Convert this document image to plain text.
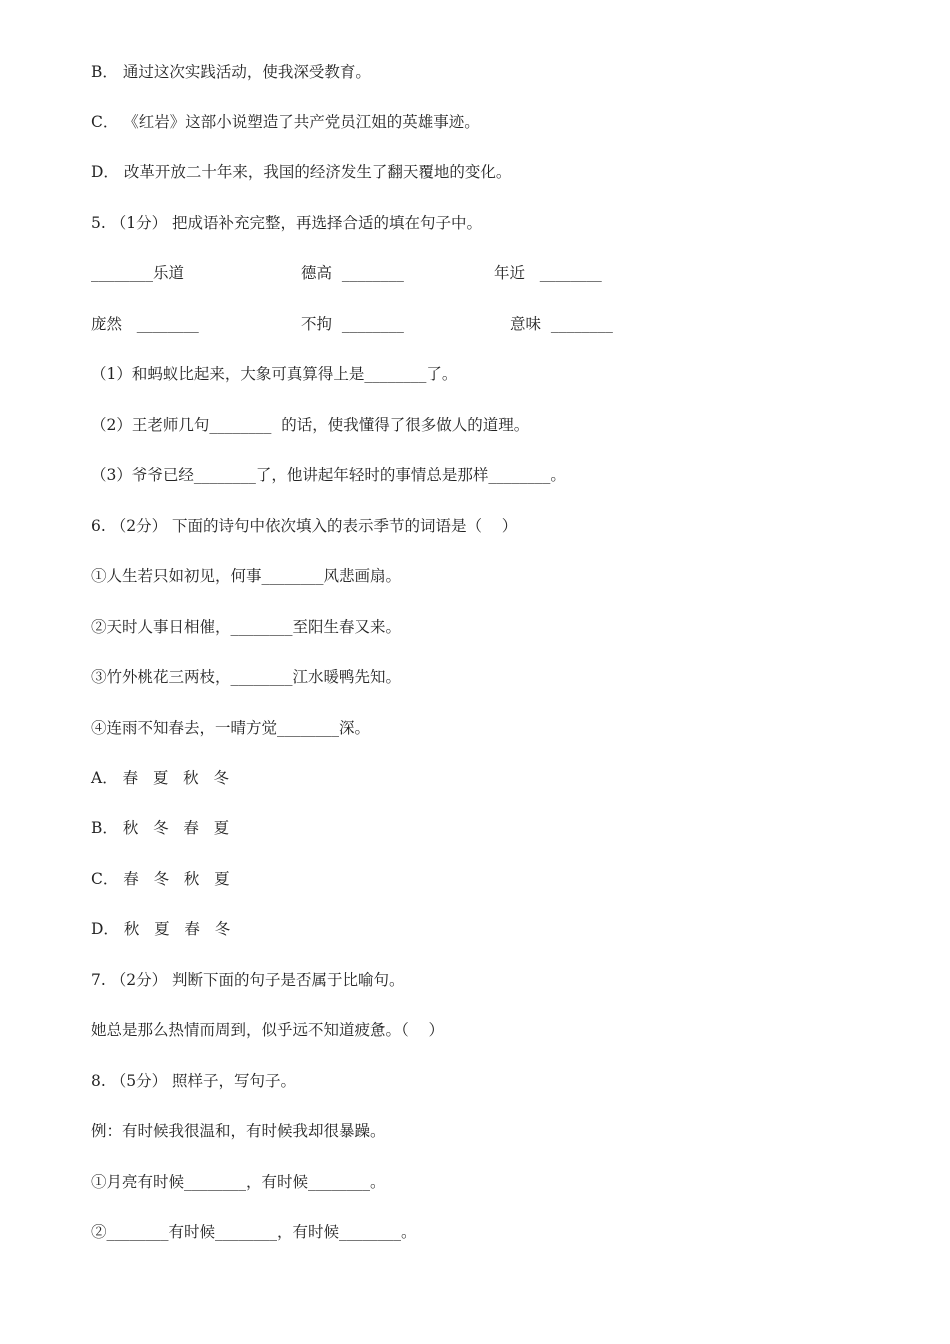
B． 通过这次实践活动，使我深受教育。
C． 《红岩》这部小说塑造了共产党员江姐的英雄事迹。
D． 改革开放二十年来，我国的经济发生了翻天覆地的变化。
5. （1分） 把成语补充完整，再选择合适的填在句子中。
________乐道	德高  ________	年近   ________
庞然   ________	不拘  ________	意味  ________
（1）和蚂蚁比起来，大象可真算得上是________了。
（2）王老师几句________  的话，使我懂得了很多做人的道理。
（3）爷爷已经________了，他讲起年轻时的事情总是那样________。
6. （2分） 下面的诗句中依次填入的表示季节的词语是（    ）
①人生若只如初见，何事________风悲画扇。
②天时人事日相催，________至阳生春又来。
③竹外桃花三两枝，________江水暖鸭先知。
④连雨不知春去，一晴方觉________深。
A． 春   夏   秋   冬
B． 秋   冬   春   夏
C． 春   冬   秋   夏
D． 秋   夏   春   冬
7. （2分） 判断下面的句子是否属于比喻句。
她总是那么热情而周到，似乎远不知道疲惫。（    ）
8. （5分） 照样子，写句子。
例：有时候我很温和，有时候我却很暴躁。
①月亮有时候________，有时候________。
②________有时候________，有时候________。
